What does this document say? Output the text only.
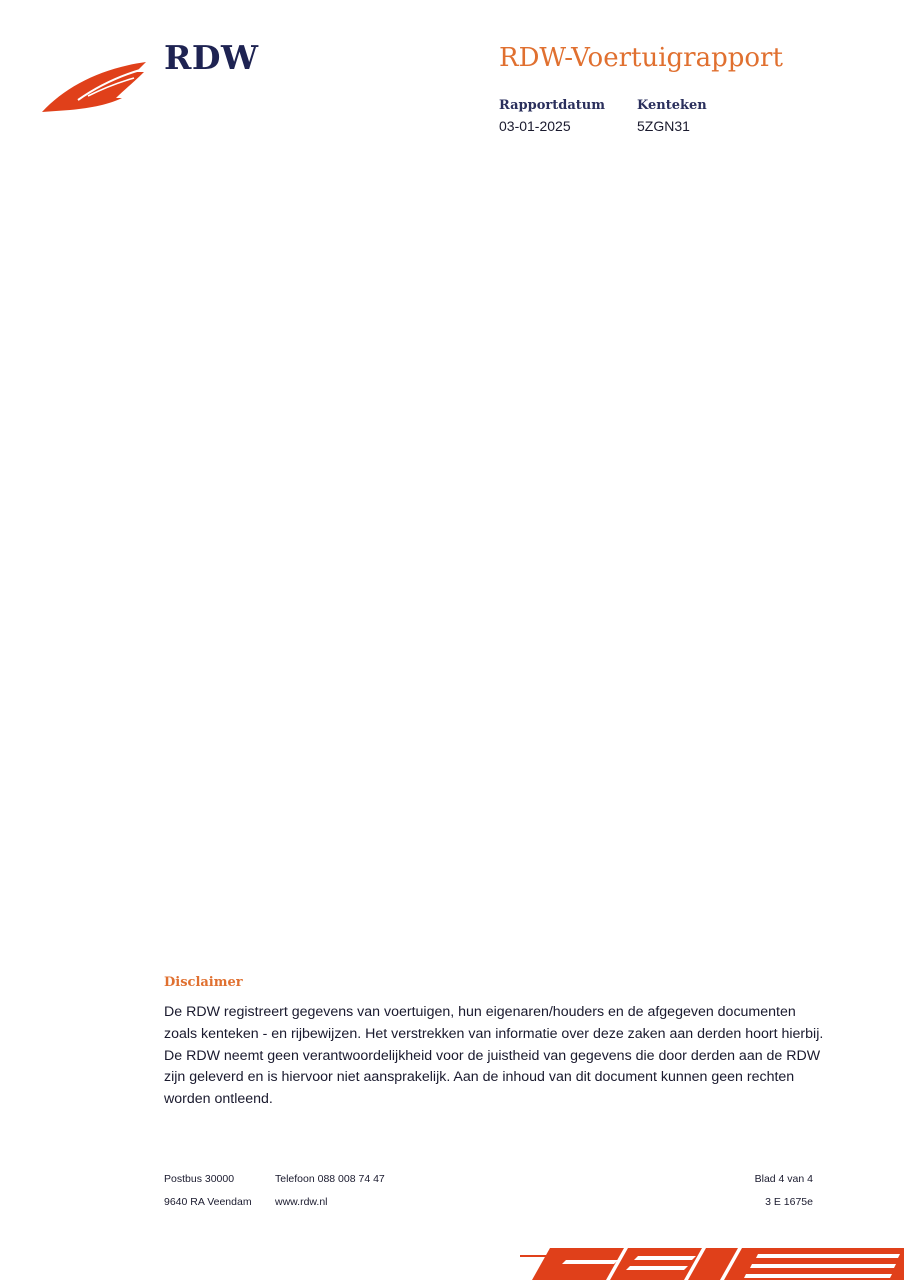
RDW	RDW-Voertuigrapport
Rapportdatum
03-01-2025
Kenteken
5ZGN31
Disclaimer
De RDW registreert gegevens van voertuigen, hun eigenaren/houders en de afgegeven documenten zoals kenteken - en rijbewijzen. Het verstrekken van informatie over deze zaken aan derden hoort hierbij. De RDW neemt geen verantwoordelijkheid voor de juistheid van gegevens die door derden aan de RDW zijn geleverd en is hiervoor niet aansprakelijk. Aan de inhoud van dit document kunnen geen rechten worden ontleend.
Postbus 30000
9640 RA Veendam
Telefoon 088 008 74 47
www.rdw.nl
Blad 4 van 4
3 E 1675e
